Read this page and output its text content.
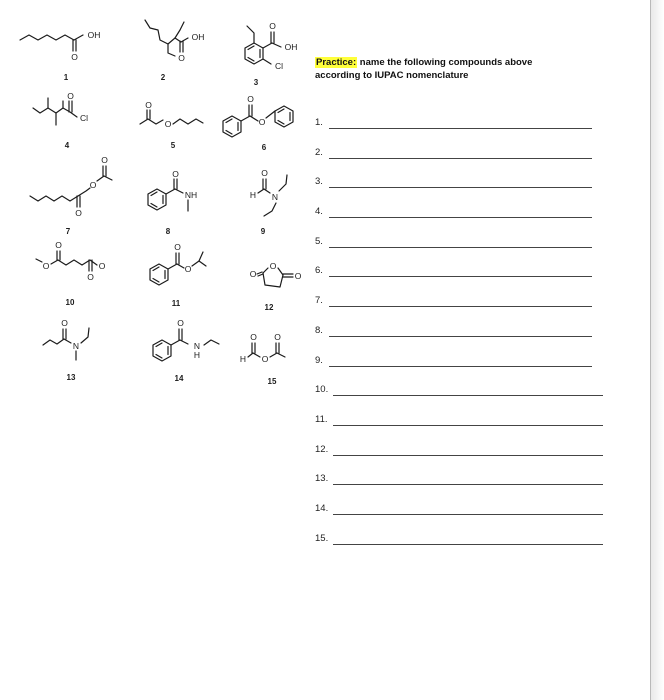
OH
O
1
OH
O
2
O
OH
Cl
3
O
Cl
4
O
O
5
O
O
6
O
O
O
7
O
NH
8
H
O
N
9
O
O
O
O
10
O
O
11
O
O
O
12
O
N
13
O
N
H
14
H
O
O
O
15
Practice: name the following compounds above according to IUPAC nomenclature
1.
2.
3.
4.
5.
6.
7.
8.
9.
10.
11.
12.
13.
14.
15.
